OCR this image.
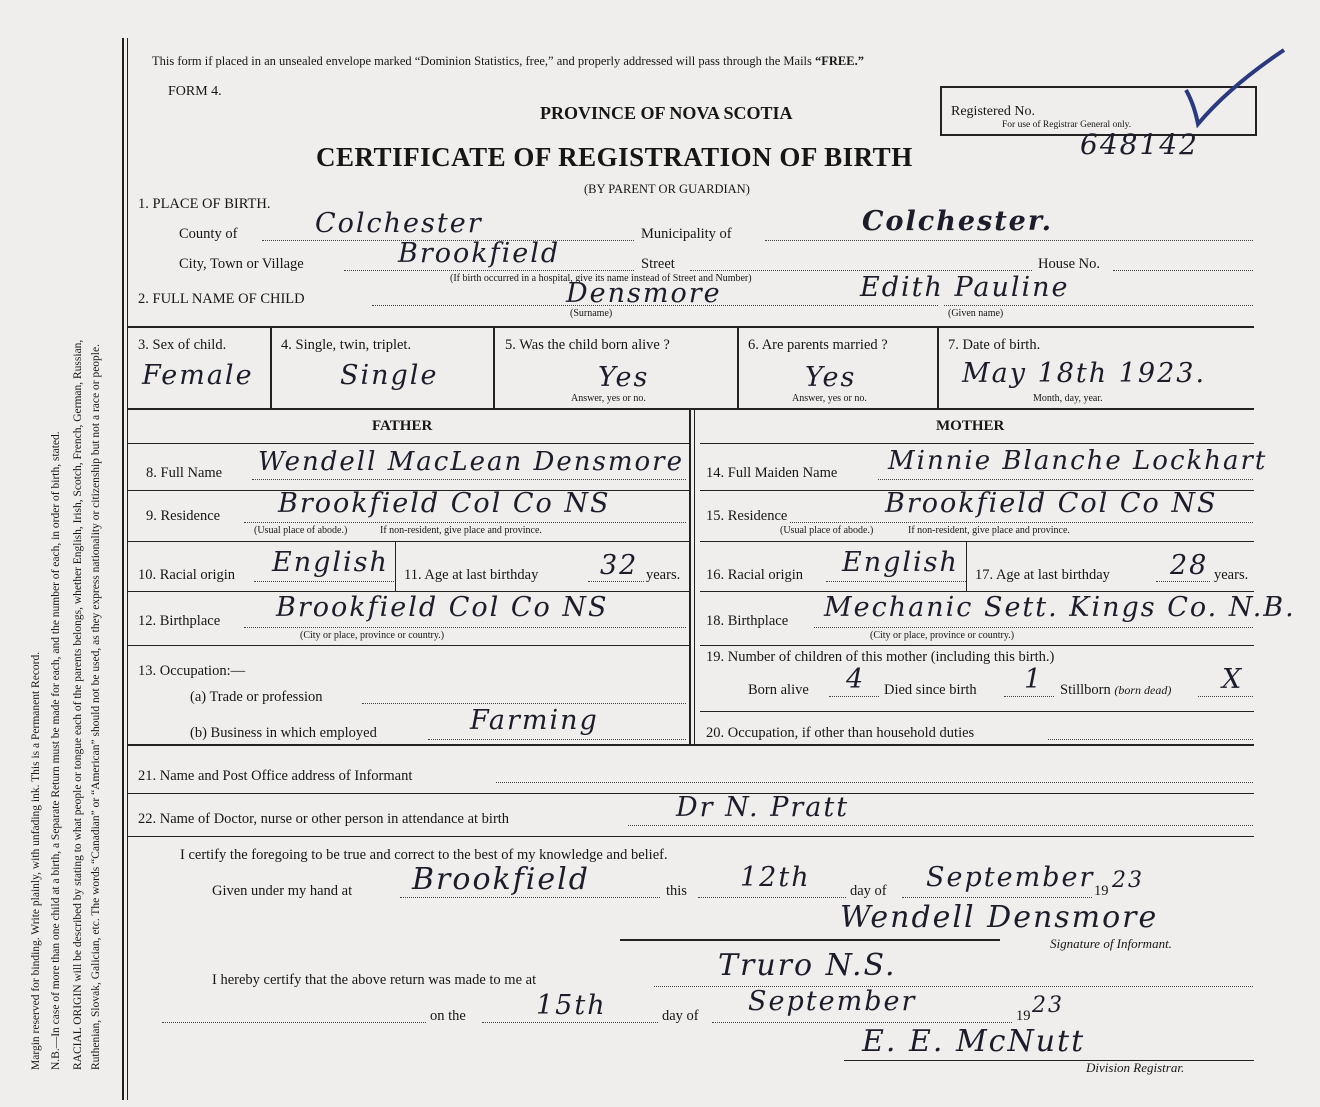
Margin reserved for binding. Write plainly, with unfading ink. This is a Permanent Record. N.B.—In case of more than one child at a birth, a Separate Return must be made for each, and the number of each, in order of birth, stated. RACIAL ORIGIN will be described by stating to what people or tongue each of the parents belongs, whether English, Irish, Scotch, French, German, Russian, Ruthenian, Slovak, Galician, etc. The words “Canadian” or “American” should not be used, as they express nationality or citizenship but not a race or people.
This form if placed in an unsealed envelope marked “Dominion Statistics, free,” and properly addressed will pass through the Mails “FREE.”
FORM 4.
PROVINCE OF NOVA SCOTIA
CERTIFICATE OF REGISTRATION OF BIRTH
(BY PARENT OR GUARDIAN)
Registered No.
For use of Registrar General only.
648142
1. PLACE OF BIRTH.
County of	Colchester	Municipality of	Colchester.
City, Town or Village	Brookfield	Street	House No.
(If birth occurred in a hospital, give its name instead of Street and Number)
2. FULL NAME OF CHILD	Densmore	Edith Pauline
(Surname)	(Given name)
3. Sex of child.
Female
4. Single, twin, triplet.
Single
5. Was the child born alive ?
Yes
Answer, yes or no.
6. Are parents married ?
Yes
Answer, yes or no.
7. Date of birth.
May 18th 1923.
Month, day, year.
FATHER	MOTHER
8. Full Name Wendell MacLean Densmore
9. Residence Brookfield Col Co NS
(Usual place of abode.)	If non-resident, give place and province.
10. Racial origin English 11. Age at last birthday 32 years.
12. Birthplace Brookfield Col Co NS
(City or place, province or country.)
13. Occupation:—
(a) Trade or profession
(b) Business in which employed	Farming
14. Full Maiden Name Minnie Blanche Lockhart
15. Residence	Brookfield Col Co NS
(Usual place of abode.)	If non-resident, give place and province.
16. Racial origin English 17. Age at last birthday 28 years.
18. Birthplace Mechanic Sett. Kings Co. N.B.
(City or place, province or country.)
19. Number of children of this mother (including this birth.)
Born alive 4 Died since birth 1 Stillborn (born dead) X
20. Occupation, if other than household duties
21. Name and Post Office address of Informant
22. Name of Doctor, nurse or other person in attendance at birth	Dr N. Pratt
I certify the foregoing to be true and correct to the best of my knowledge and belief.
Given under my hand at Brookfield	this 12th	day of September 19 23
Wendell Densmore
Signature of Informant.
I hereby certify that the above return was made to me at	Truro N.S.
on the	15th	day of September	19 23
E. E. McNutt
Division Registrar.
